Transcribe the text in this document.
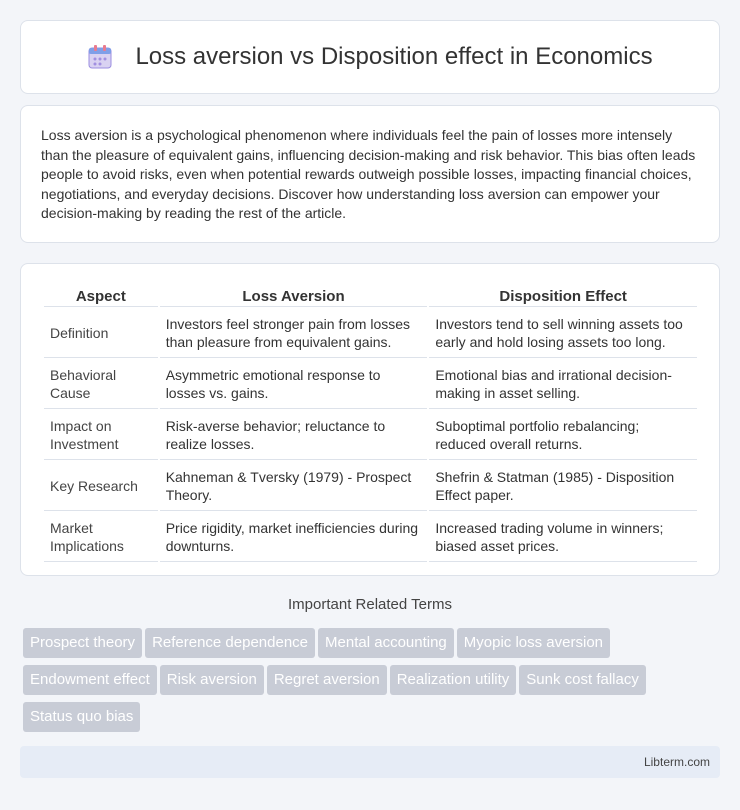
Loss aversion vs Disposition effect in Economics

Loss aversion is a psychological phenomenon where individuals feel the pain of losses more intensely than the pleasure of equivalent gains, influencing decision-making and risk behavior. This bias often leads people to avoid risks, even when potential rewards outweigh possible losses, impacting financial choices, negotiations, and everyday decisions. Discover how understanding loss aversion can empower your decision-making by reading the rest of the article.

Aspect	Loss Aversion	Disposition Effect
Definition	Investors feel stronger pain from losses than pleasure from equivalent gains.	Investors tend to sell winning assets too early and hold losing assets too long.
Behavioral Cause	Asymmetric emotional response to losses vs. gains.	Emotional bias and irrational decision-making in asset selling.
Impact on Investment	Risk-averse behavior; reluctance to realize losses.	Suboptimal portfolio rebalancing; reduced overall returns.
Key Research	Kahneman & Tversky (1979) - Prospect Theory.	Shefrin & Statman (1985) - Disposition Effect paper.
Market Implications	Price rigidity, market inefficiencies during downturns.	Increased trading volume in winners; biased asset prices.
Important Related Terms
Prospect theory Reference dependence Mental accounting Myopic loss aversion
Endowment effect Risk aversion Regret aversion Realization utility Sunk cost fallacy
Status quo bias
Libterm.com
